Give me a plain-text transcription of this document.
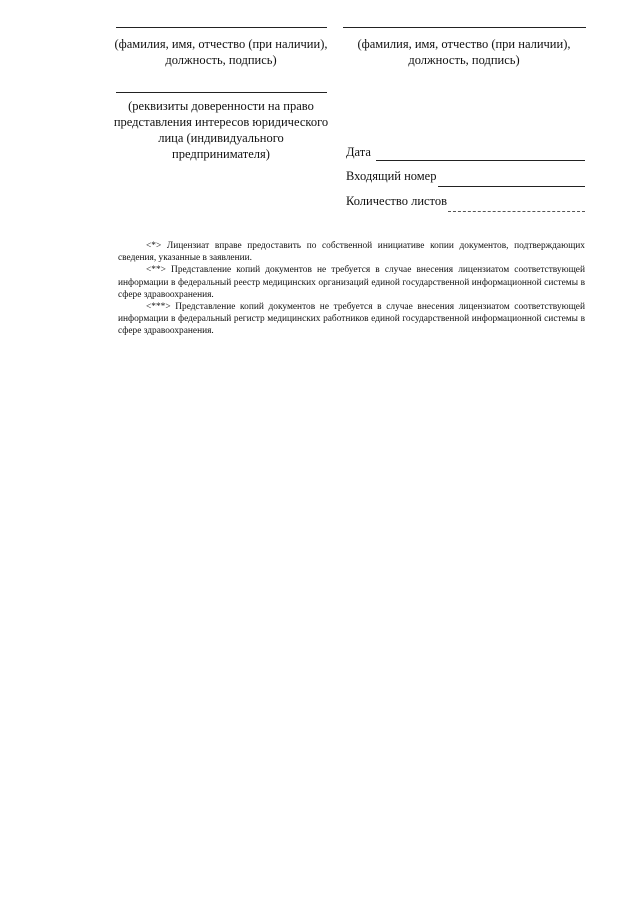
(фамилия, имя, отчество (при наличии),
должность, подпись)
(фамилия, имя, отчество (при наличии),
должность, подпись)
(реквизиты доверенности на право
представления интересов юридического
лица (индивидуального
предпринимателя)	Дата
Входящий номер
Количество листов

<*> Лицензиат вправе предоставить по собственной инициативе копии документов, подтверждающих сведения, указанные в заявлении.

<**> Представление копий документов не требуется в случае внесения лицензиатом соответствующей информации в федеральный реестр медицинских организаций единой государственной информационной системы в сфере здравоохранения.

<***> Представление копий документов не требуется в случае внесения лицензиатом соответствующей информации в федеральный регистр медицинских работников единой государственной информационной системы в сфере здравоохранения.
